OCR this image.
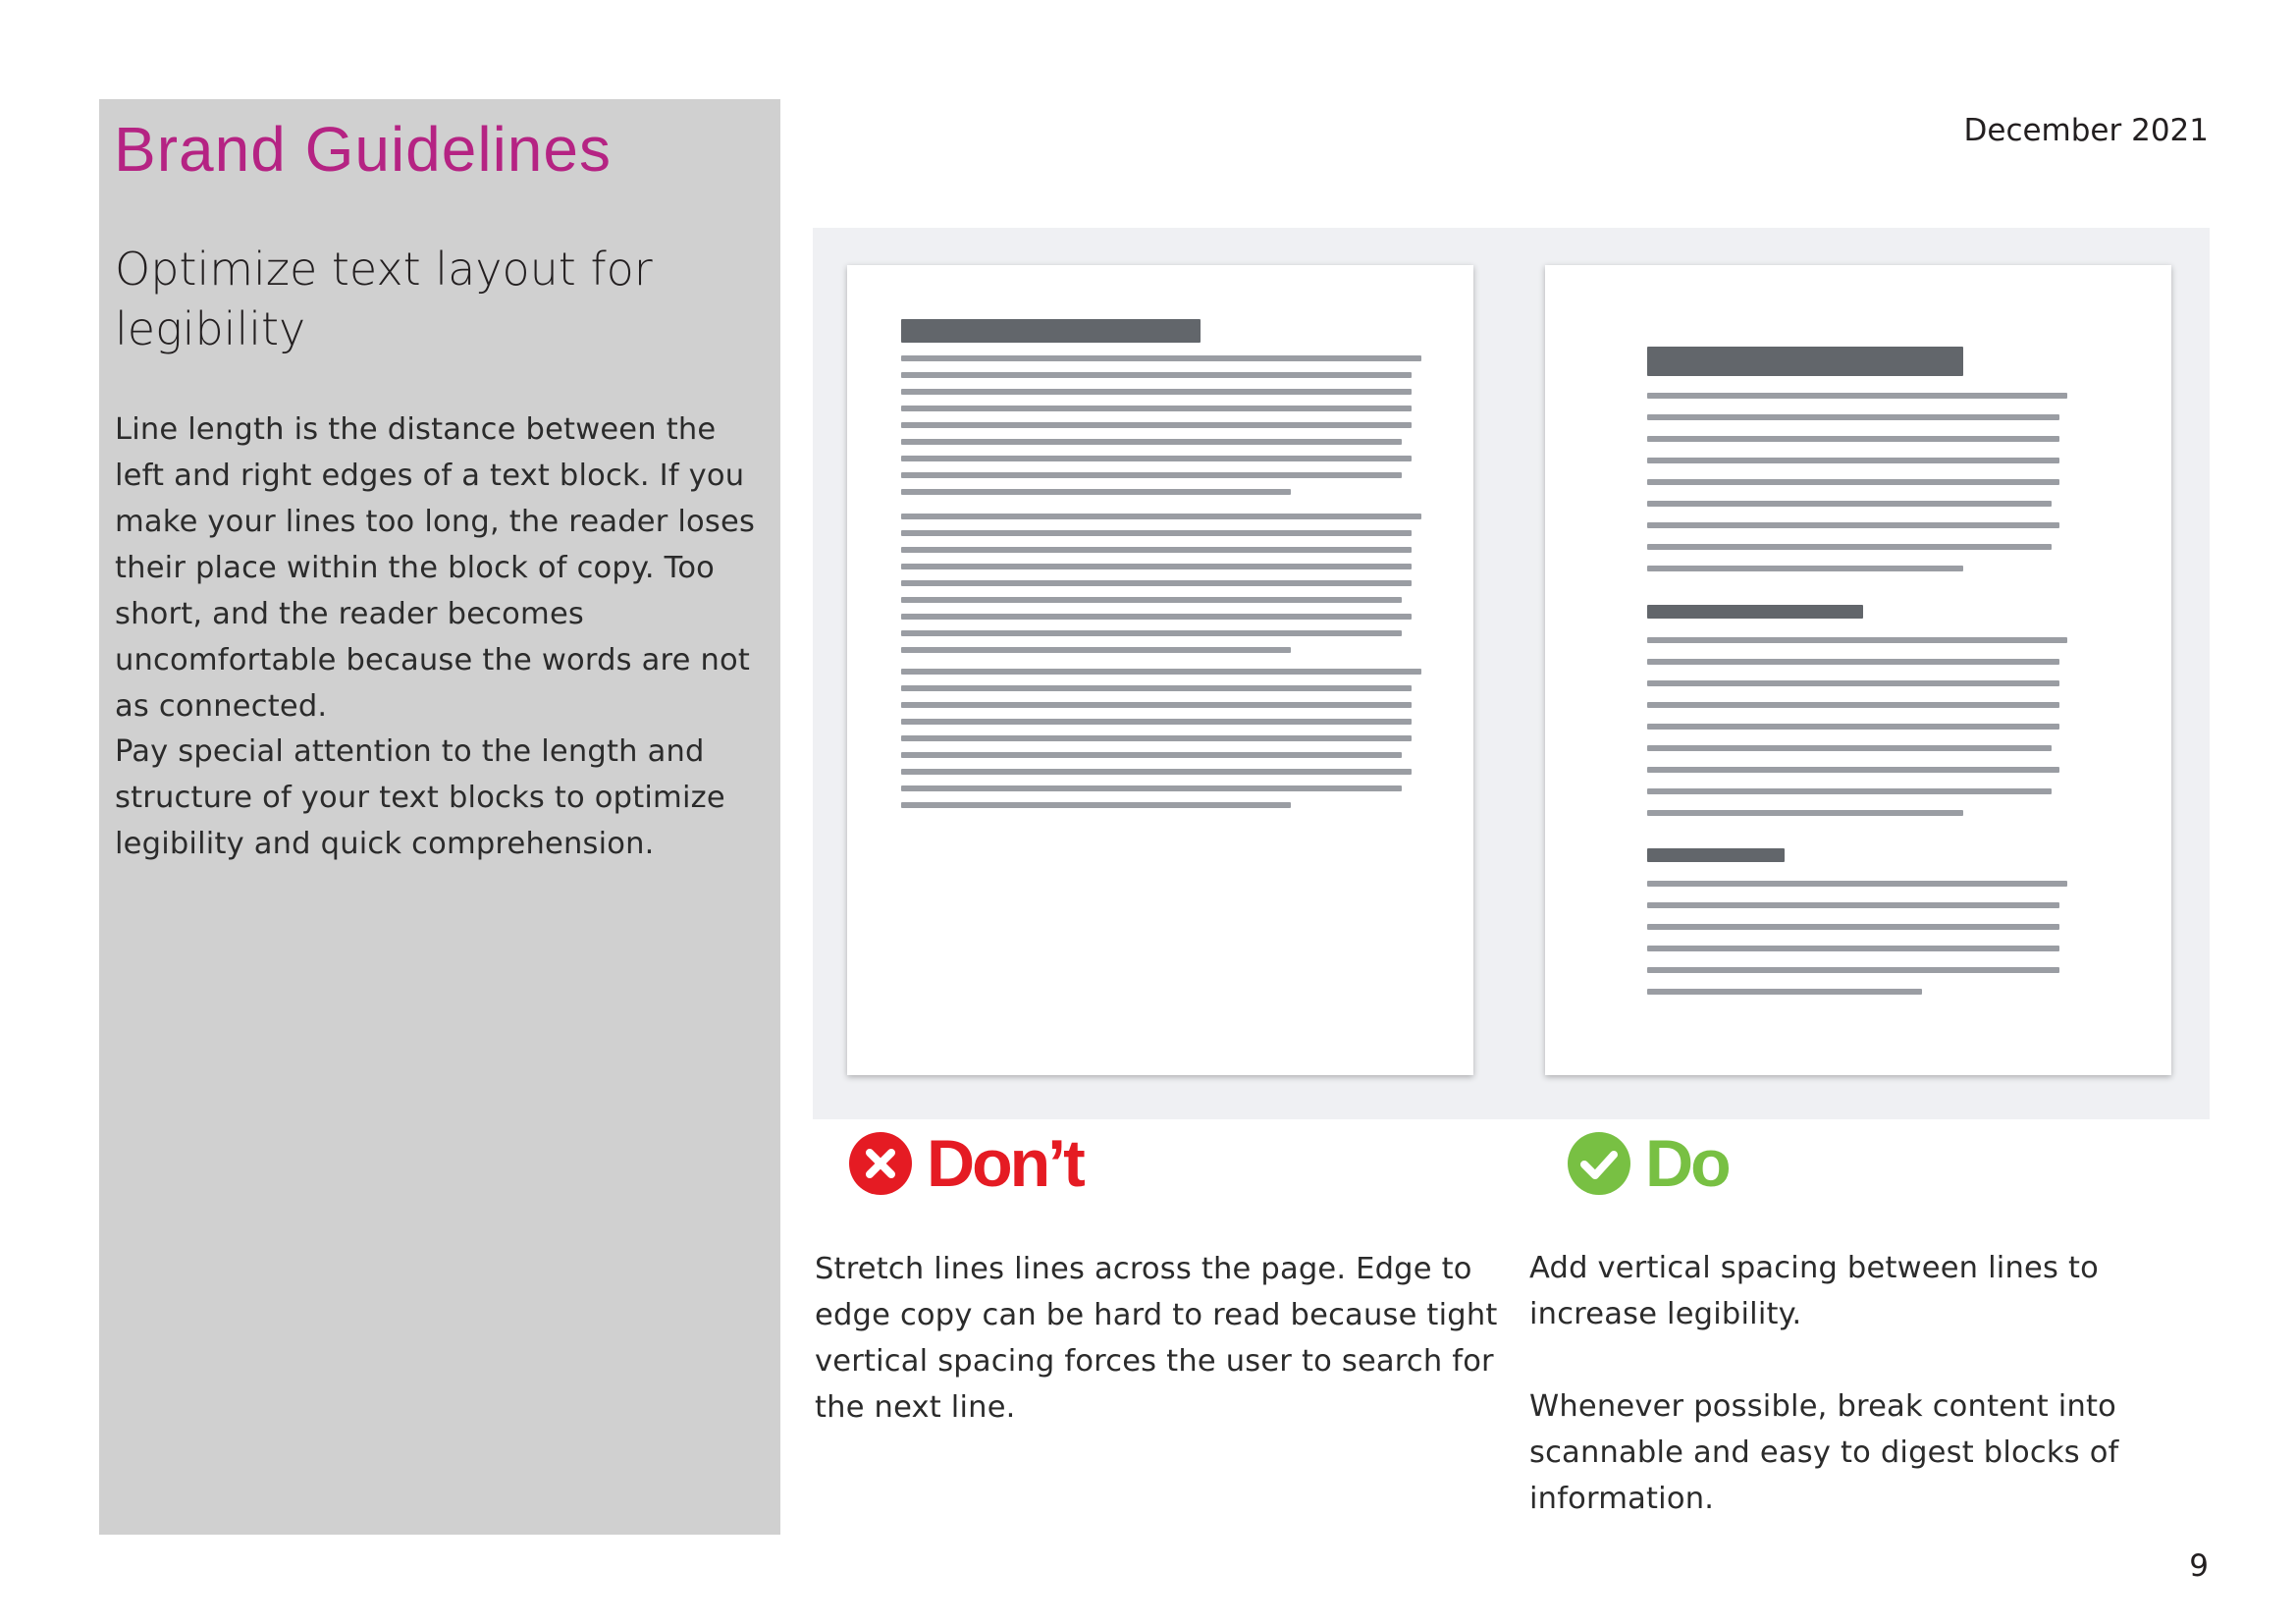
Brand Guidelines
Optimize text layout for legibility

Line length is the distance between the left and right edges of a text block. If you make your lines too long, the reader loses their place within the block of copy. Too short, and the reader becomes uncomfortable because the words are not as connected.

Pay special attention to the length and structure of your text blocks to optimize legibility and quick comprehension.

December 2021
Don’t	Do

Stretch lines lines across the page. Edge to edge copy can be hard to read because tight vertical spacing forces the user to search for the next line.

Add vertical spacing between lines to increase legibility.

Whenever possible, break content into scannable and easy to digest blocks of information.

9
